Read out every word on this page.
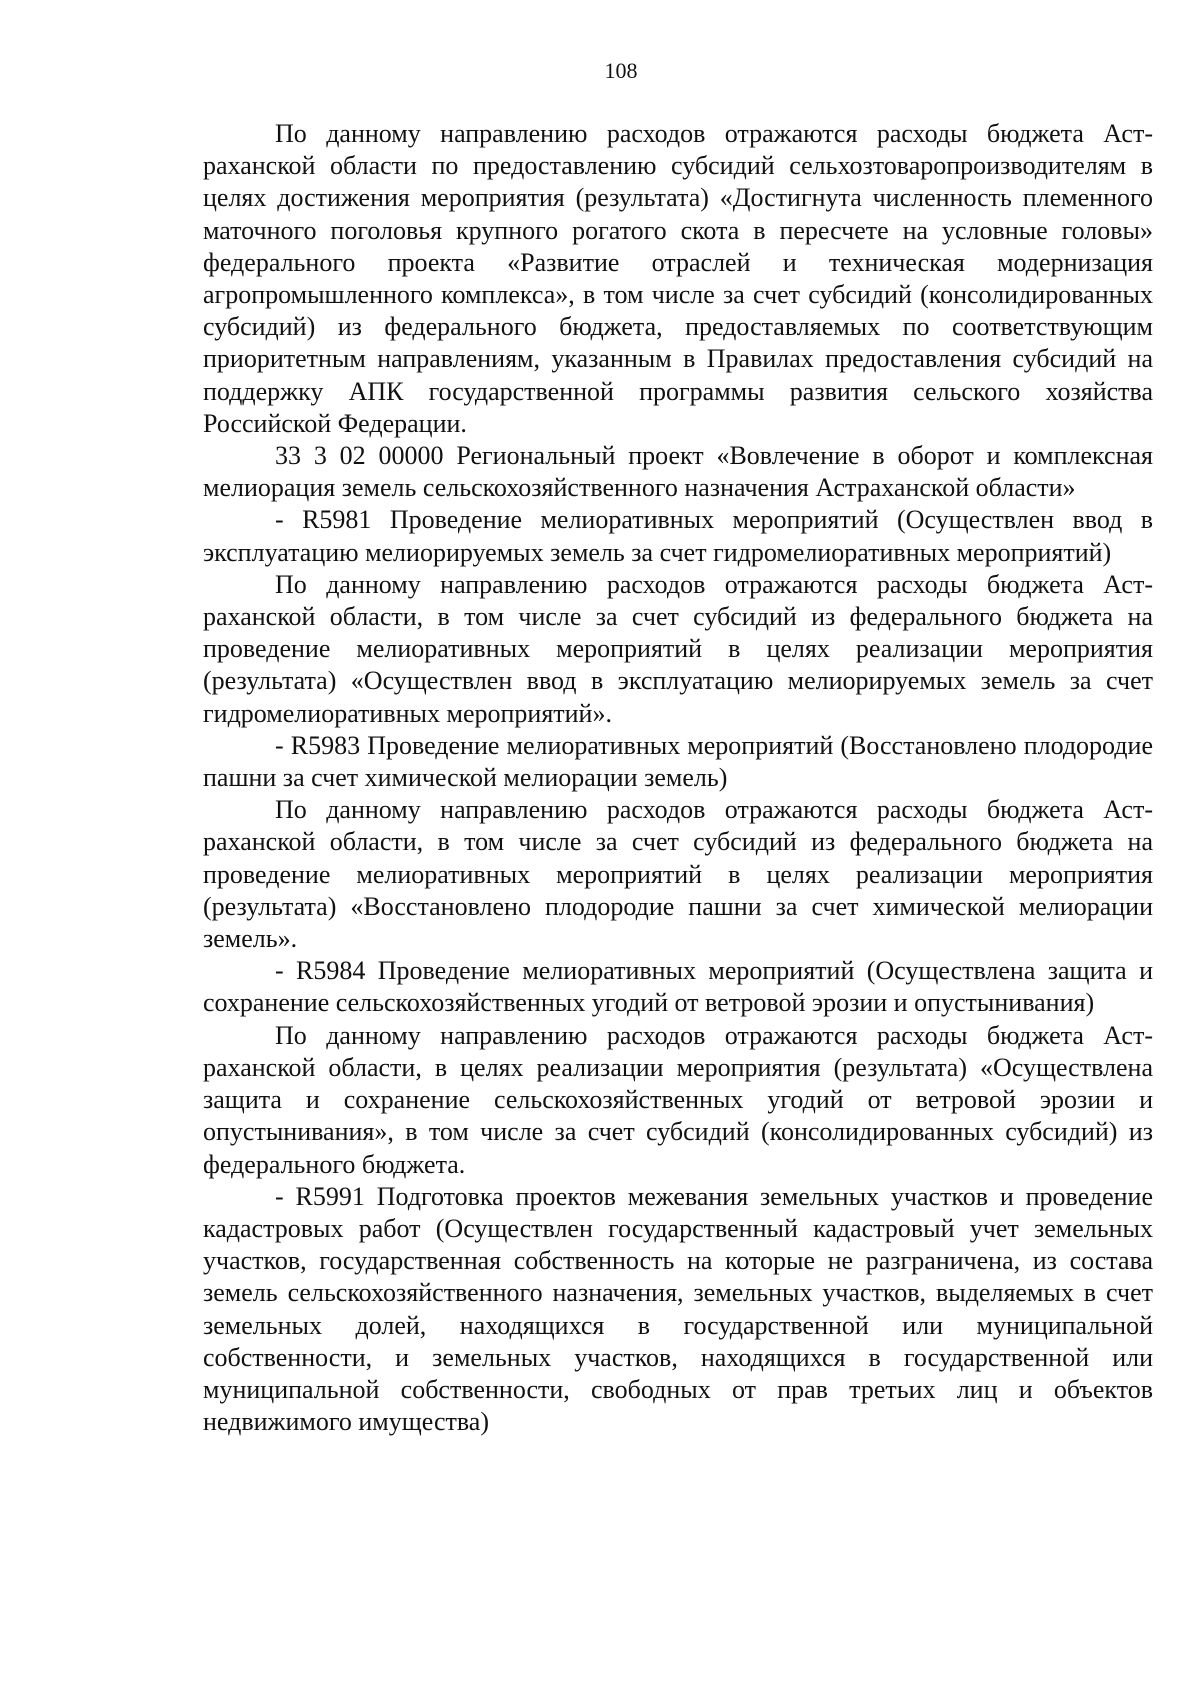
108

По данному направлению расходов отражаются расходы бюджета Астраханской области по предоставлению субсидий сельхозтоваропроизводителям в целях достижения мероприятия (результата) «Достигнута численность племенного маточного поголовья крупного рогатого скота в пересчете на условные головы» федерального проекта «Развитие отраслей и техническая модернизация агропромышленного комплекса», в том числе за счет субсидий (консолидированных субсидий) из федерального бюджета, предоставляемых по соответствующим приоритетным направлениям, указанным в Правилах предоставления субсидий на поддержку АПК государственной программы развития сельского хозяйства Российской Федерации.

33 3 02 00000 Региональный проект «Вовлечение в оборот и комплексная мелиорация земель сельскохозяйственного назначения Астраханской области»

- R5981 Проведение мелиоративных мероприятий (Осуществлен ввод в эксплуатацию мелиорируемых земель за счет гидромелиоративных мероприятий)

По данному направлению расходов отражаются расходы бюджета Астраханской области, в том числе за счет субсидий из федерального бюджета на проведение мелиоративных мероприятий в целях реализации мероприятия (результата) «Осуществлен ввод в эксплуатацию мелиорируемых земель за счет гидромелиоративных мероприятий».

- R5983 Проведение мелиоративных мероприятий (Восстановлено плодородие пашни за счет химической мелиорации земель)

По данному направлению расходов отражаются расходы бюджета Астраханской области, в том числе за счет субсидий из федерального бюджета на проведение мелиоративных мероприятий в целях реализации мероприятия (результата) «Восстановлено плодородие пашни за счет химической мелиорации земель».

- R5984 Проведение мелиоративных мероприятий (Осуществлена защита и сохранение сельскохозяйственных угодий от ветровой эрозии и опустынивания)

По данному направлению расходов отражаются расходы бюджета Астраханской области, в целях реализации мероприятия (результата) «Осуществлена защита и сохранение сельскохозяйственных угодий от ветровой эрозии и опустынивания», в том числе за счет субсидий (консолидированных субсидий) из федерального бюджета.

- R5991 Подготовка проектов межевания земельных участков и проведение кадастровых работ (Осуществлен государственный кадастровый учет земельных участков, государственная собственность на которые не разграничена, из состава земель сельскохозяйственного назначения, земельных участков, выделяемых в счет земельных долей, находящихся в государственной или муниципальной собственности, и земельных участков, находящихся в государственной или муниципальной собственности, свободных от прав третьих лиц и объектов недвижимого имущества)
